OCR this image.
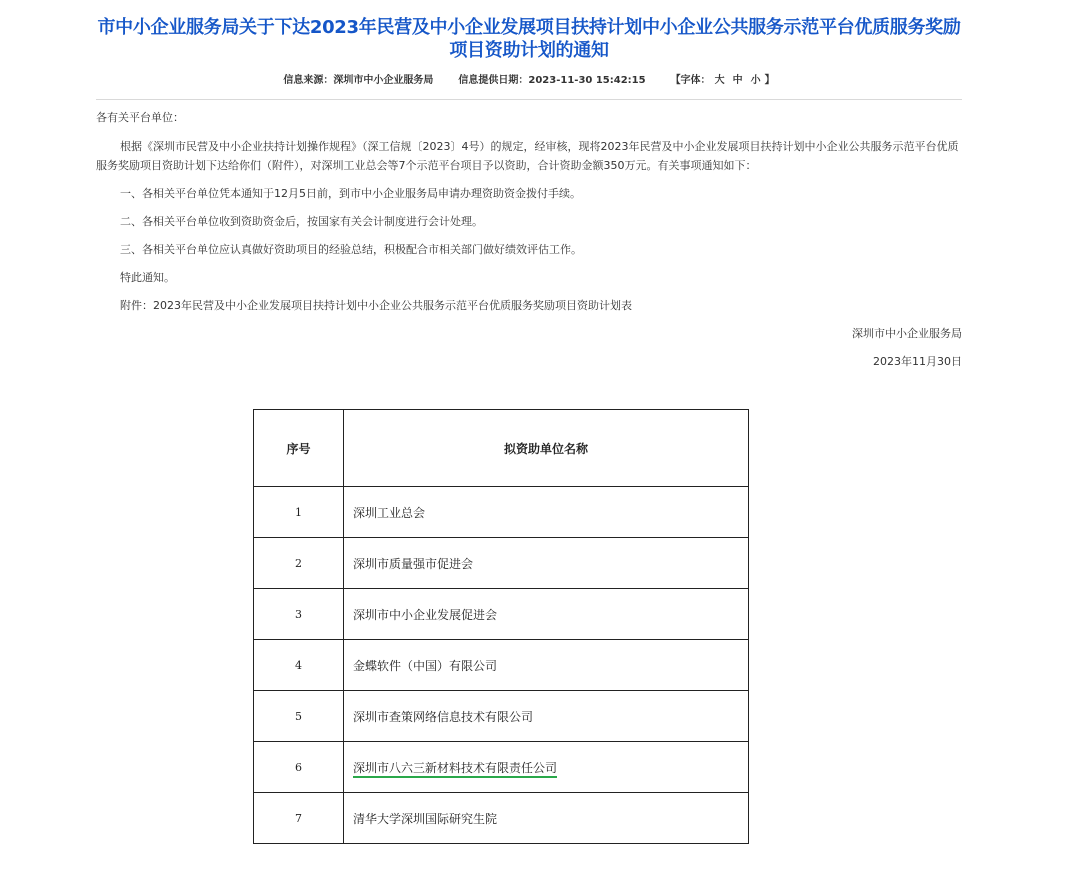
市中小企业服务局关于下达2023年民营及中小企业发展项目扶持计划中小企业公共服务示范平台优质服务奖励项目资助计划的通知
信息来源：深圳市中小企业服务局 信息提供日期：2023-11-30 15:42:15 【字体： 大 中 小 】

各有关平台单位：

根据《深圳市民营及中小企业扶持计划操作规程》（深工信规〔2023〕4号）的规定，经审核，现将2023年民营及中小企业发展项目扶持计划中小企业公共服务示范平台优质服务奖励项目资助计划下达给你们（附件），对深圳工业总会等7个示范平台项目予以资助，合计资助金额350万元。有关事项通知如下：

一、各相关平台单位凭本通知于12月5日前，到市中小企业服务局申请办理资助资金拨付手续。

二、各相关平台单位收到资助资金后，按国家有关会计制度进行会计处理。

三、各相关平台单位应认真做好资助项目的经验总结，积极配合市相关部门做好绩效评估工作。

特此通知。

附件：2023年民营及中小企业发展项目扶持计划中小企业公共服务示范平台优质服务奖励项目资助计划表

深圳市中小企业服务局

2023年11月30日

序号	拟资助单位名称
1	深圳工业总会
2	深圳市质量强市促进会
3	深圳市中小企业发展促进会
4	金蝶软件（中国）有限公司
5	深圳市查策网络信息技术有限公司
6	深圳市八六三新材料技术有限责任公司
7	清华大学深圳国际研究生院
